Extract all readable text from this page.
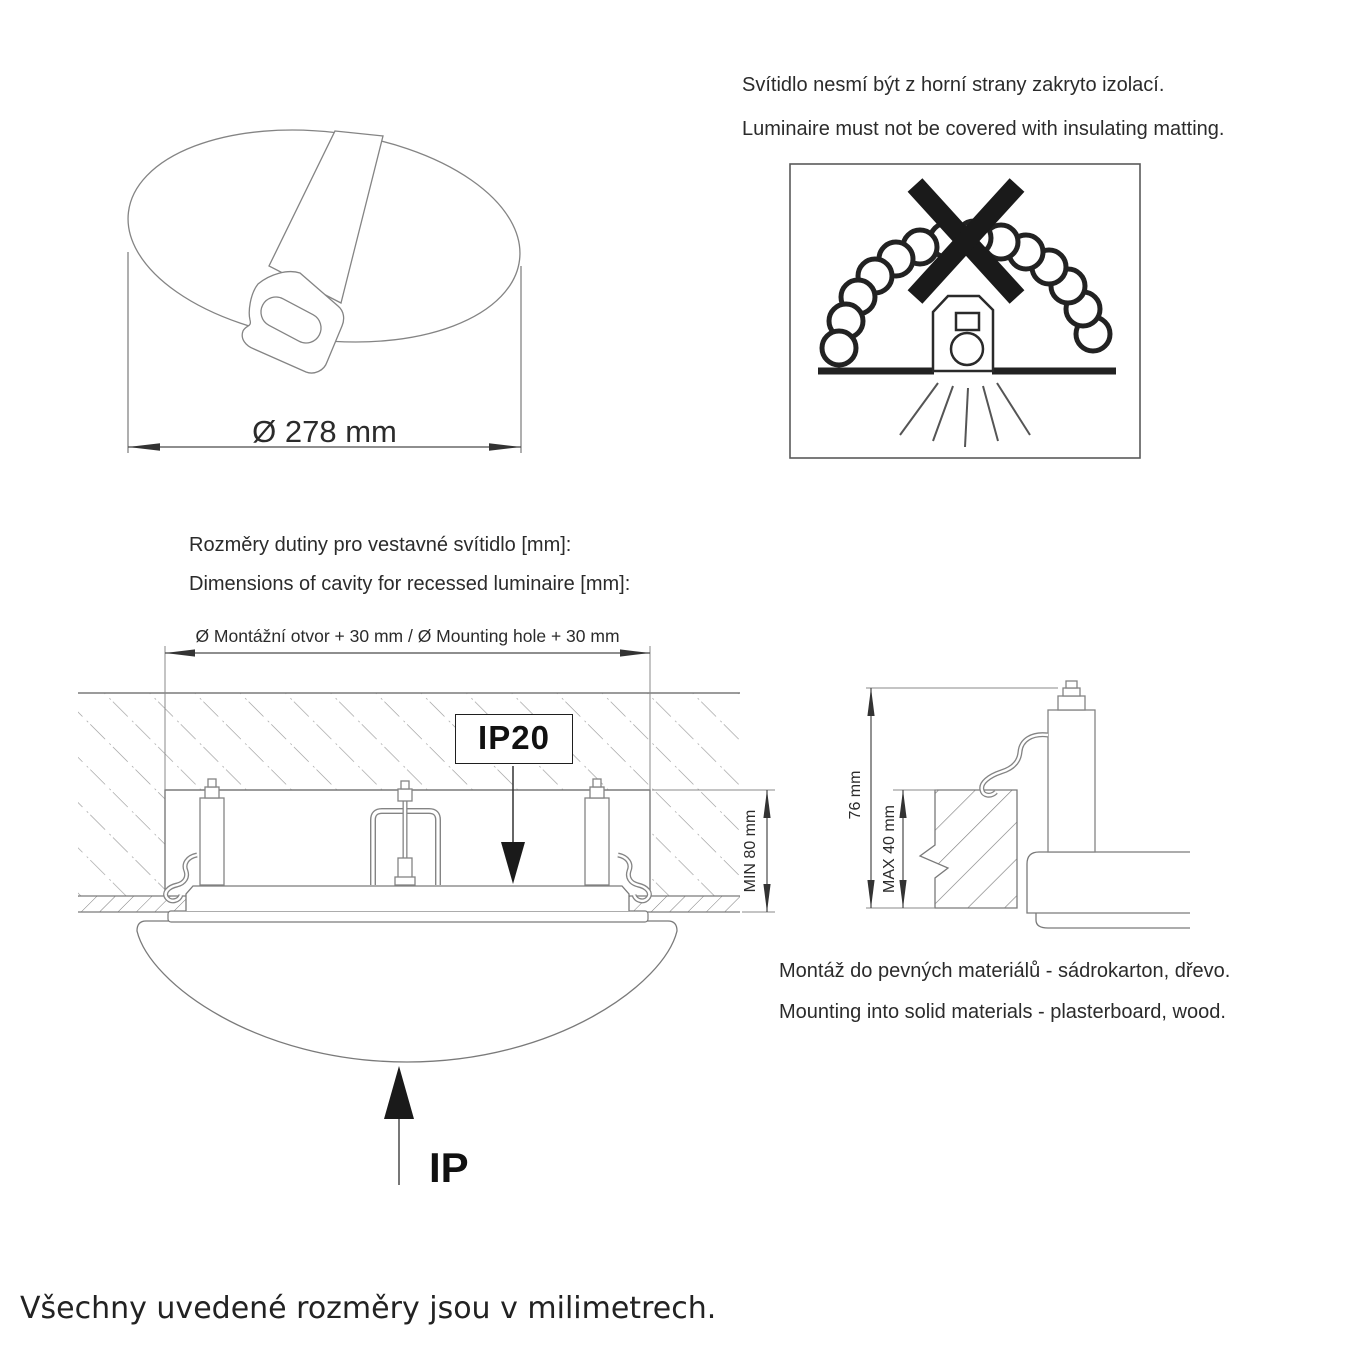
Svítidlo nesmí být z horní strany zakryto izolací.
Luminaire must not be covered with insulating matting.
Ø 278 mm
Rozměry dutiny pro vestavné svítidlo [mm]:
Dimensions of cavity for recessed luminaire [mm]:
Ø Montážní otvor + 30 mm / Ø Mounting hole + 30 mm
IP20
MIN 80 mm
76 mm
MAX 40 mm
Montáž do pevných materiálů - sádrokarton, dřevo.
Mounting into solid materials - plasterboard, wood.
IP
Všechny uvedené rozměry jsou v milimetrech.
